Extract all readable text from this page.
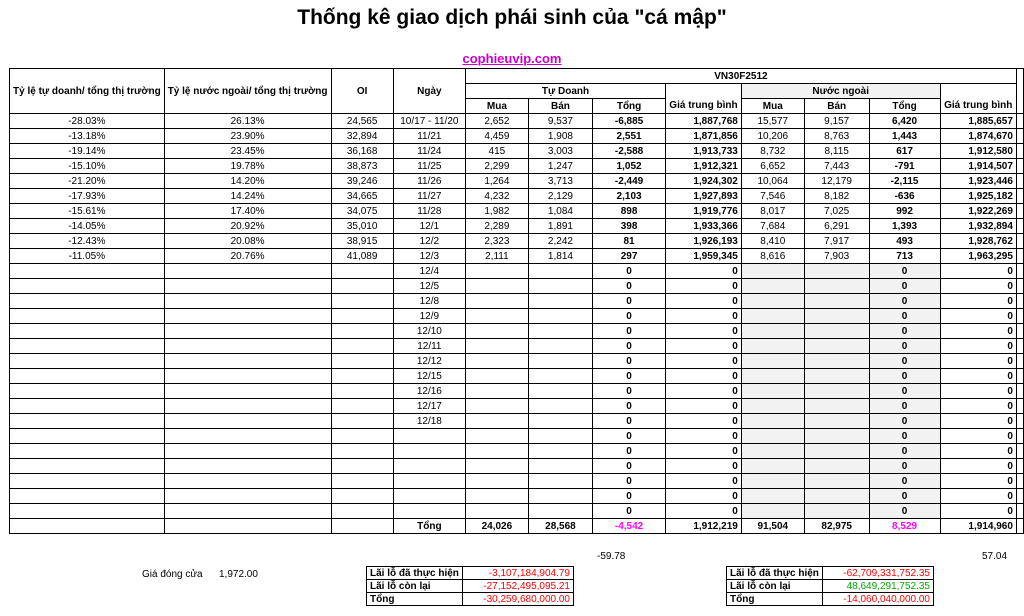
Thống kê giao dịch phái sinh của "cá mập"
cophieuvip.com
Tỷ lệ tự doanh/ tổng thị trường	Tỷ lệ nước ngoài/ tổng thị trường	OI	Ngày	VN30F2512								
				Tự Doanh				Nước ngoài				
				Mua	Bán	Tổng	Giá trung bình	Mua	Bán	Tổng	Giá trung bình	
-28.03%	26.13%	24,565	10/17 - 11/20	2,652	9,537	-6,885	1,887,768	15,577	9,157	6,420	1,885,657	
-13.18%	23.90%	32,894	11/21	4,459	1,908	2,551	1,871,856	10,206	8,763	1,443	1,874,670	
-19.14%	23.45%	36,168	11/24	415	3,003	-2,588	1,913,733	8,732	8,115	617	1,912,580	
-15.10%	19.78%	38,873	11/25	2,299	1,247	1,052	1,912,321	6,652	7,443	-791	1,914,507	
-21.20%	14.20%	39,246	11/26	1,264	3,713	-2,449	1,924,302	10,064	12,179	-2,115	1,923,446	
-17.93%	14.24%	34,665	11/27	4,232	2,129	2,103	1,927,893	7,546	8,182	-636	1,925,182	
-15.61%	17.40%	34,075	11/28	1,982	1,084	898	1,919,776	8,017	7,025	992	1,922,269	
-14.05%	20.92%	35,010	12/1	2,289	1,891	398	1,933,366	7,684	6,291	1,393	1,932,894	
-12.43%	20.08%	38,915	12/2	2,323	2,242	81	1,926,193	8,410	7,917	493	1,928,762	
-11.05%	20.76%	41,089	12/3	2,111	1,814	297	1,959,345	8,616	7,903	713	1,963,295	
			12/4			0	0			0	0	
			12/5			0	0			0	0	
			12/8			0	0			0	0	
			12/9			0	0			0	0	
			12/10			0	0			0	0	
			12/11			0	0			0	0	
			12/12			0	0			0	0	
			12/15			0	0			0	0	
			12/16			0	0			0	0	
			12/17			0	0			0	0	
			12/18			0	0			0	0	
						0	0			0	0	
						0	0			0	0	
						0	0			0	0	
						0	0			0	0	
						0	0			0	0	
						0	0			0	0	
			Tổng	24,026	28,568	-4,542	1,912,219	91,504	82,975	8,529	1,914,960	
-59.78	57.04
Giá đóng cửa 1,972.00	Lãi lỗ đã thực hiện	-3,107,184,904.79
Lãi lỗ còn lại	-27,152,495,095.21
Tổng	-30,259,680,000.00
Lãi lỗ đã thực hiện	-62,709,331,752.35
Lãi lỗ còn lại	48,649,291,752.35
Tổng	-14,060,040,000.00
